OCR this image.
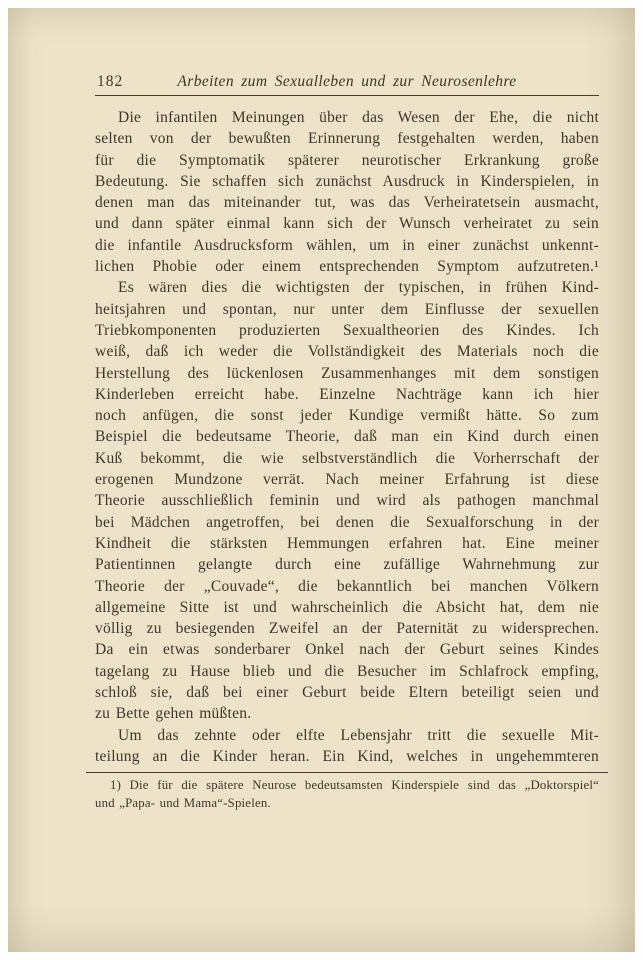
182	Arbeiten zum Sexualleben und zur Neurosenlehre
Die infantilen Meinungen über das Wesen der Ehe, die nicht
selten von der bewußten Erinnerung festgehalten werden, haben
für die Symptomatik späterer neurotischer Erkrankung große
Bedeutung. Sie schaffen sich zunächst Ausdruck in Kinderspielen, in
denen man das miteinander tut, was das Verheiratetsein ausmacht,
und dann später einmal kann sich der Wunsch verheiratet zu sein
die infantile Ausdrucksform wählen, um in einer zunächst unkennt-
lichen Phobie oder einem entsprechenden Symptom aufzutreten.¹
Es wären dies die wichtigsten der typischen, in frühen Kind-
heitsjahren und spontan, nur unter dem Einflusse der sexuellen
Triebkomponenten produzierten Sexualtheorien des Kindes. Ich
weiß, daß ich weder die Vollständigkeit des Materials noch die
Herstellung des lückenlosen Zusammenhanges mit dem sonstigen
Kinderleben erreicht habe. Einzelne Nachträge kann ich hier
noch anfügen, die sonst jeder Kundige vermißt hätte. So zum
Beispiel die bedeutsame Theorie, daß man ein Kind durch einen
Kuß bekommt, die wie selbstverständlich die Vorherrschaft der
erogenen Mundzone verrät. Nach meiner Erfahrung ist diese
Theorie ausschließlich feminin und wird als pathogen manchmal
bei Mädchen angetroffen, bei denen die Sexualforschung in der
Kindheit die stärksten Hemmungen erfahren hat. Eine meiner
Patientinnen gelangte durch eine zufällige Wahrnehmung zur
Theorie der „Couvade“, die bekanntlich bei manchen Völkern
allgemeine Sitte ist und wahrscheinlich die Absicht hat, dem nie
völlig zu besiegenden Zweifel an der Paternität zu widersprechen.
Da ein etwas sonderbarer Onkel nach der Geburt seines Kindes
tagelang zu Hause blieb und die Besucher im Schlafrock empfing,
schloß sie, daß bei einer Geburt beide Eltern beteiligt seien und
zu Bette gehen müßten.
Um das zehnte oder elfte Lebensjahr tritt die sexuelle Mit-
teilung an die Kinder heran. Ein Kind, welches in ungehemmteren
1) Die für die spätere Neurose bedeutsamsten Kinderspiele sind das „Doktorspiel“
und „Papa- und Mama“-Spielen.
